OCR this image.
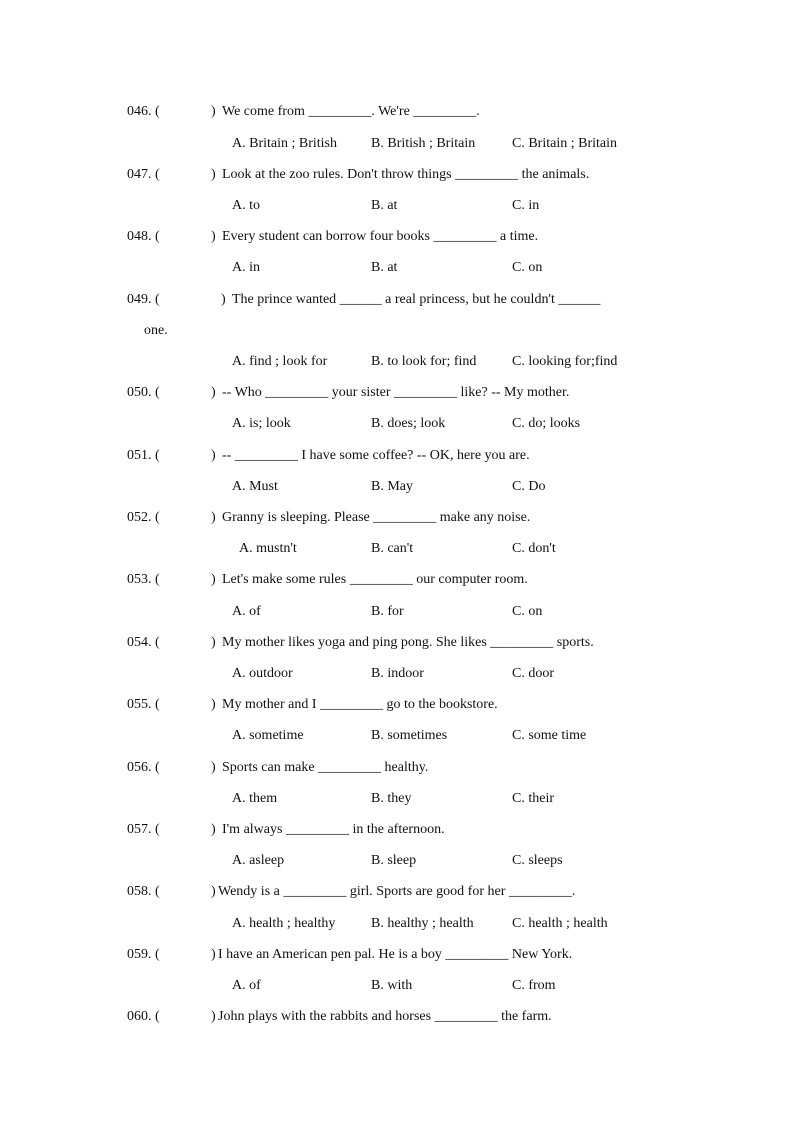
046. (	) We come from _________. We're _________.
A. Britain ; British B. British ; Britain	C. Britain ; Britain
047. (	) Look at the zoo rules. Don't throw things _________ the animals.
A. to	B. at	C. in
048. (	) Every student can borrow four books _________ a time.
A. in	B. at	C. on
049. (	) The prince wanted ______ a real princess, but he couldn't ______
one.
A. find ; look for	B. to look for; find	C. looking for;find
050. (	) -- Who _________ your sister _________ like? -- My mother.
A. is; look	B. does; look	C. do; looks
051. (	) -- _________ I have some coffee? -- OK, here you are.
A. Must	B. May	C. Do
052. (	) Granny is sleeping. Please _________ make any noise.
A. mustn't	B. can't	C. don't
053. (	) Let's make some rules _________ our computer room.
A. of	B. for	C. on
054. (	) My mother likes yoga and ping pong. She likes _________ sports.
A. outdoor	B. indoor	C. door
055. (	) My mother and I _________ go to the bookstore.
A. sometime	B. sometimes	C. some time
056. (	) Sports can make _________ healthy.
A. them	B. they	C. their
057. (	) I'm always _________ in the afternoon.
A. asleep	B. sleep	C. sleeps
058. (	) Wendy is a _________ girl. Sports are good for her _________.
A. health ; healthy	B. healthy ; health	C. health ; health
059. (	) I have an American pen pal. He is a boy _________ New York.
A. of	B. with	C. from
060. (	) John plays with the rabbits and horses _________ the farm.
